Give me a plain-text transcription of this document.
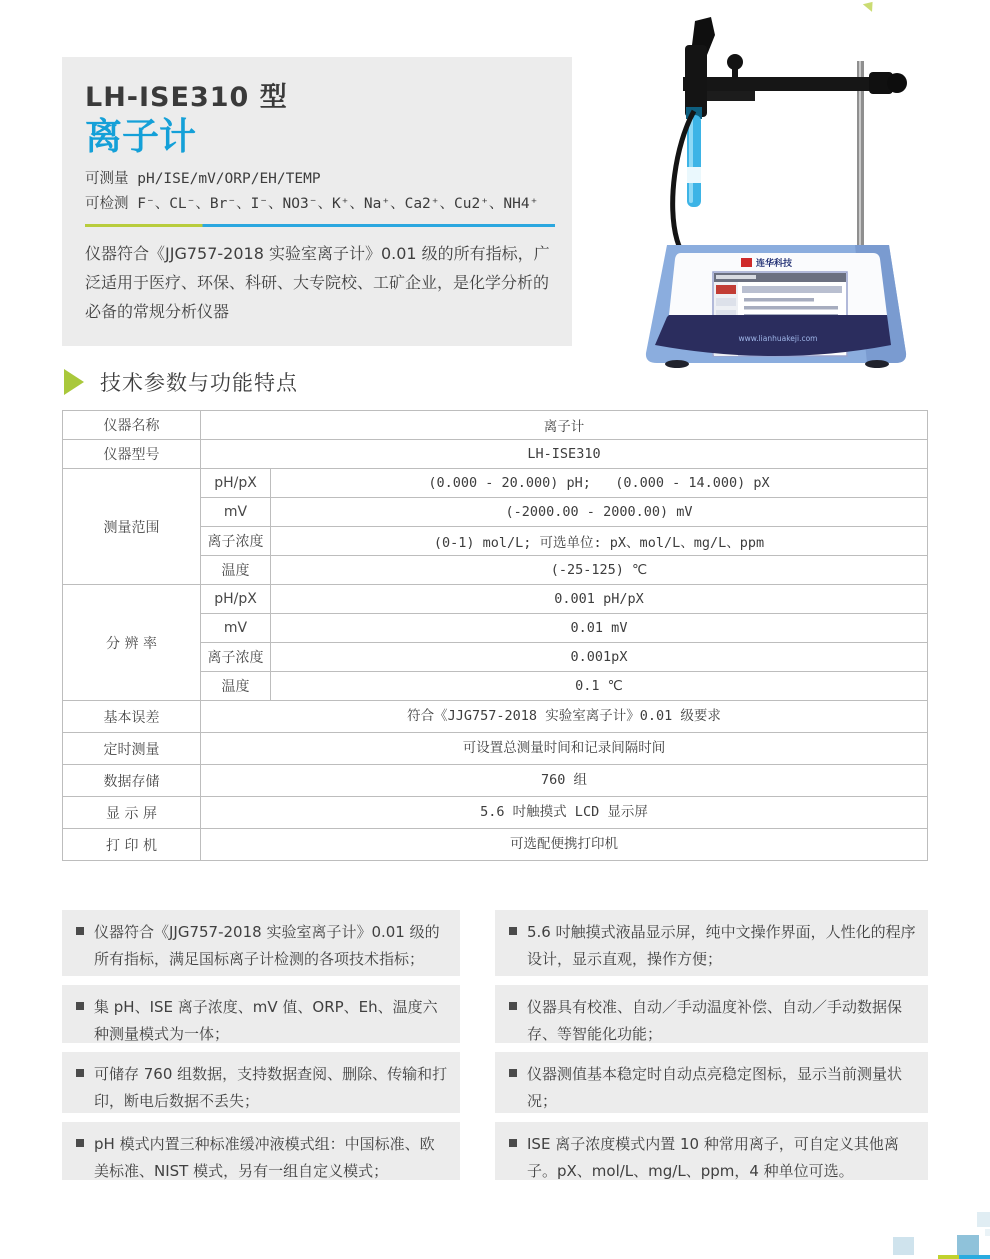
LH-ISE310 型
离子计
可测量 pH/ISE/mV/ORP/EH/TEMP
可检测 F⁻、CL⁻、Br⁻、I⁻、NO3⁻、K⁺、Na⁺、Ca2⁺、Cu2⁺、NH4⁺
仪器符合《JJG757-2018 实验室离子计》0.01 级的所有指标，广泛适用于医疗、环保、科研、大专院校、工矿企业，是化学分析的必备的常规分析仪器
连华科技
www.lianhuakeji.com
技术参数与功能特点
仪器名称	离子计	
仪器型号	LH-ISE310	
测量范围	pH/pX	(0.000 - 20.000) pH;   (0.000 - 14.000) pX
	mV	(-2000.00 - 2000.00) mV
	离子浓度	(0-1) mol/L; 可选单位: pX、mol/L、mg/L、ppm
	温度	(-25-125) ℃
分 辨 率	pH/pX	0.001 pH/pX
	mV	0.01 mV
	离子浓度	0.001pX
	温度	0.1 ℃
基本误差	符合《JJG757-2018 实验室离子计》0.01 级要求	
定时测量	可设置总测量时间和记录间隔时间	
数据存储	760 组	
显 示 屏	5.6 吋触摸式 LCD 显示屏	
打 印 机	可选配便携打印机	
仪器符合《JJG757-2018 实验室离子计》0.01 级的所有指标，满足国标离子计检测的各项技术指标；
集 pH、ISE 离子浓度、mV 值、ORP、Eh、温度六种测量模式为一体；
可储存 760 组数据，支持数据查阅、删除、传输和打印，断电后数据不丢失；
pH 模式内置三种标准缓冲液模式组：中国标准、欧美标准、NIST 模式，另有一组自定义模式；
5.6 吋触摸式液晶显示屏，纯中文操作界面，人性化的程序设计，显示直观，操作方便；
仪器具有校准、自动／手动温度补偿、自动／手动数据保存、等智能化功能；
仪器测值基本稳定时自动点亮稳定图标，显示当前测量状况；
ISE 离子浓度模式内置 10 种常用离子，可自定义其他离子。pX、mol/L、mg/L、ppm，4 种单位可选。
